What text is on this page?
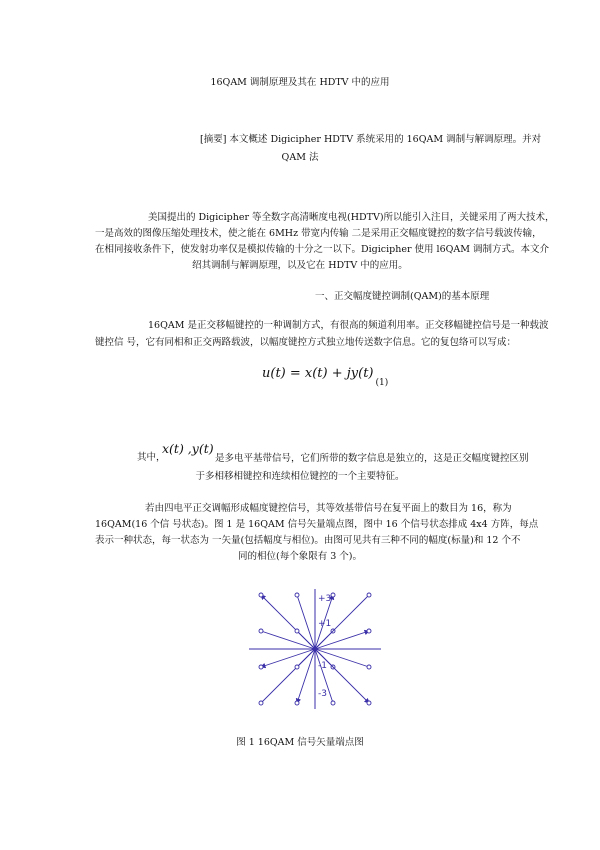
16QAM 调制原理及其在 HDTV 中的应用
[摘要] 本文概述 Digicipher HDTV 系统采用的 16QAM 调制与解调原理。并对
QAM 法
美国提出的 Digicipher 等全数字高清晰度电视(HDTV)所以能引入注目，关键采用了两大技术，
一是高效的图像压缩处理技术，使之能在 6MHz 带宽内传输 二是采用正交幅度键控的数字信号载波传输，
在相同接收条件下，使发射功率仅是模拟传输的十分之一以下。Digicipher 使用 l6QAM 调制方式。本文介
绍其调制与解调原理，以及它在 HDTV 中的应用。
一、正交幅度键控调制(QAM)的基本原理
16QAM 是正交移幅键控的一种调制方式，有很高的频道利用率。正交移幅键控信号是一种载波
键控信 号，它有同相和正交两路载波，以幅度键控方式独立地传送数字信息。它的复包络可以写成：
$u(t) = x(t) + jy(t)_{(1)}$
其中，
x(t) ,y(t)
是多电平基带信号，它们所带的数字信息是独立的，这是正交幅度键控区别
于多相移相键控和连续相位键控的一个主要特征。
若由四电平正交调幅形成幅度键控信号，其等效基带信号在复平面上的数目为 16，称为
16QAM(16 个信 号状态)。图 1 是 16QAM 信号矢量端点图，图中 16 个信号状态排成 4x4 方阵，每点
表示一种状态，每一状态为 一矢量(包括幅度与相位)。由图可见共有三种不同的幅度(标量)和 12 个不
同的相位(每个象限有 3 个)。
+3
+1
-1
-3
图 1 16QAM 信号矢量端点图
